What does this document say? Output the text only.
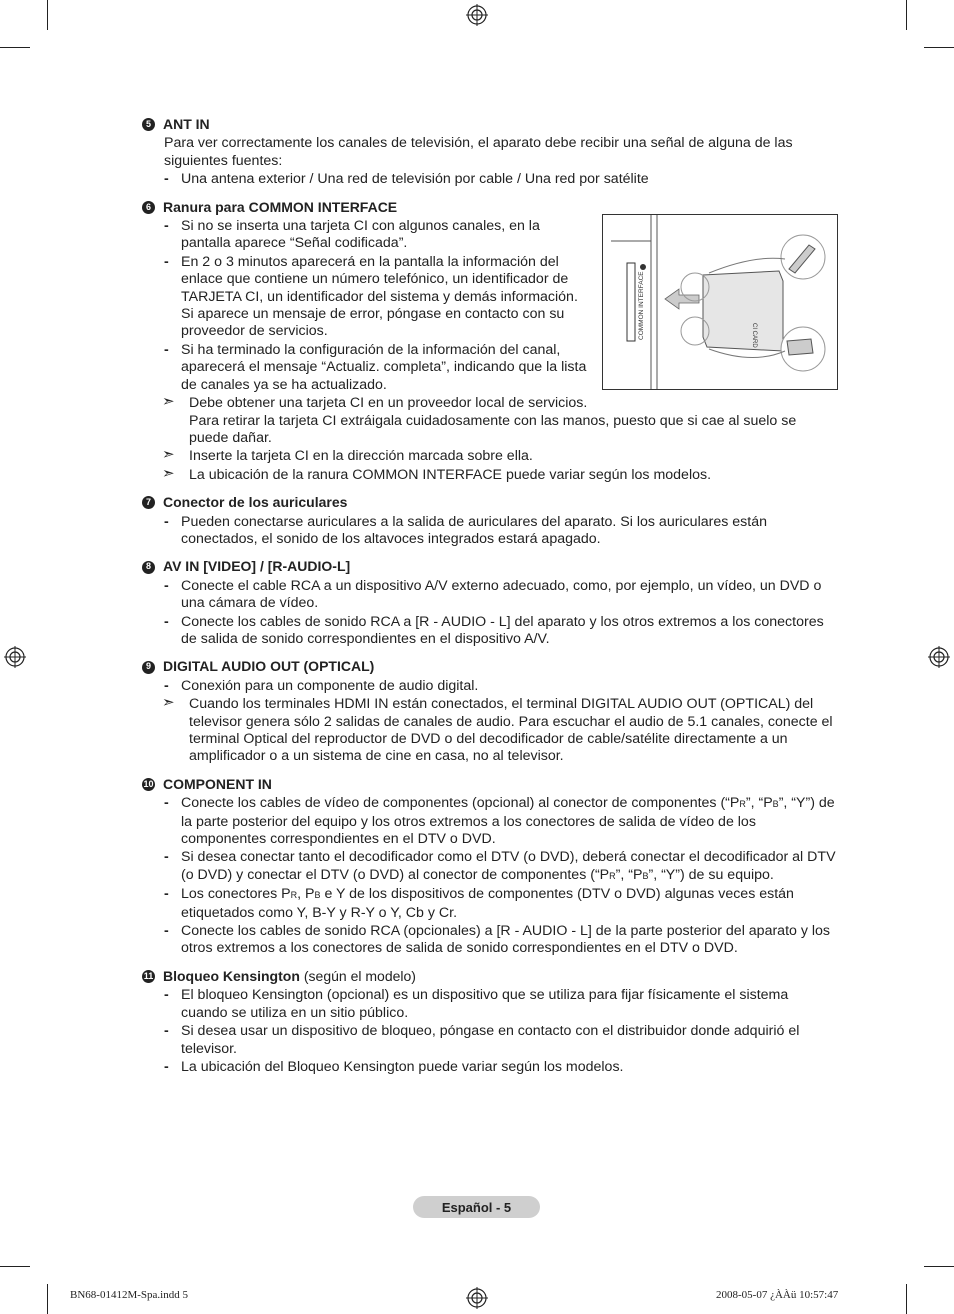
5 ANT IN

Para ver correctamente los canales de televisión, el aparato debe recibir una señal de alguna de las siguientes fuentes:

- Una antena exterior / Una red de televisión por cable / Una red por satélite

6 Ranura para COMMON INTERFACE
COMMON INTERFACE	CI CARD

- Si no se inserta una tarjeta CI con algunos canales, en la pantalla aparece “Señal codificada”.

- En 2 o 3 minutos aparecerá en la pantalla la información del enlace que contiene un número telefónico, un identificador de TARJETA CI, un identificador del sistema y demás información. Si aparece un mensaje de error, póngase en contacto con su proveedor de servicios.

- Si ha terminado la configuración de la información del canal, aparecerá el mensaje “Actualiz. completa”, indicando que la lista de canales ya se ha actualizado.

➣ Debe obtener una tarjeta CI en un proveedor local de servicios. Para retirar la tarjeta CI extráigala cuidadosamente con las manos, puesto que si cae al suelo se puede dañar.

➣ Inserte la tarjeta CI en la dirección marcada sobre ella.

➣ La ubicación de la ranura COMMON INTERFACE puede variar según los modelos.

7 Conector de los auriculares

- Pueden conectarse auriculares a la salida de auriculares del aparato. Si los auriculares están conectados, el sonido de los altavoces integrados estará apagado.

8 AV IN [VIDEO] / [R-AUDIO-L]

- Conecte el cable RCA a un dispositivo A/V externo adecuado, como, por ejemplo, un vídeo, un DVD o una cámara de vídeo.

- Conecte los cables de sonido RCA a [R - AUDIO - L] del aparato y los otros extremos a los conectores de salida de sonido correspondientes en el dispositivo A/V.

9 DIGITAL AUDIO OUT (OPTICAL)

- Conexión para un componente de audio digital.

➣ Cuando los terminales HDMI IN están conectados, el terminal DIGITAL AUDIO OUT (OPTICAL) del televisor genera sólo 2 salidas de canales de audio. Para escuchar el audio de 5.1 canales, conecte el terminal Optical del reproductor de DVD o del decodificador de cable/satélite directamente a un amplificador o a un sistema de cine en casa, no al televisor.

10 COMPONENT IN

- Conecte los cables de vídeo de componentes (opcional) al conector de componentes (“PR”, “PB”, “Y”) de la parte posterior del equipo y los otros extremos a los conectores de salida de vídeo de los componentes correspondientes en el DTV o DVD.

- Si desea conectar tanto el decodificador como el DTV (o DVD), deberá conectar el decodificador al DTV (o DVD) y conectar el DTV (o DVD) al conector de componentes (“PR”, “PB”, “Y”) de su equipo.

- Los conectores PR, PB e Y de los dispositivos de componentes (DTV o DVD) algunas veces están etiquetados como Y, B-Y y R-Y o Y, Cb y Cr.

- Conecte los cables de sonido RCA (opcionales) a [R - AUDIO - L] de la parte posterior del aparato y los otros extremos a los conectores de salida de sonido correspondientes en el DTV o DVD.

11 Bloqueo Kensington (según el modelo)

- El bloqueo Kensington (opcional) es un dispositivo que se utiliza para fijar físicamente el sistema cuando se utiliza en un sitio público.

- Si desea usar un dispositivo de bloqueo, póngase en contacto con el distribuidor donde adquirió el televisor.

- La ubicación del Bloqueo Kensington puede variar según los modelos.

Español - 5
BN68-01412M-Spa.indd 5	2008-05-07 ¿ÀÀü 10:57:47
